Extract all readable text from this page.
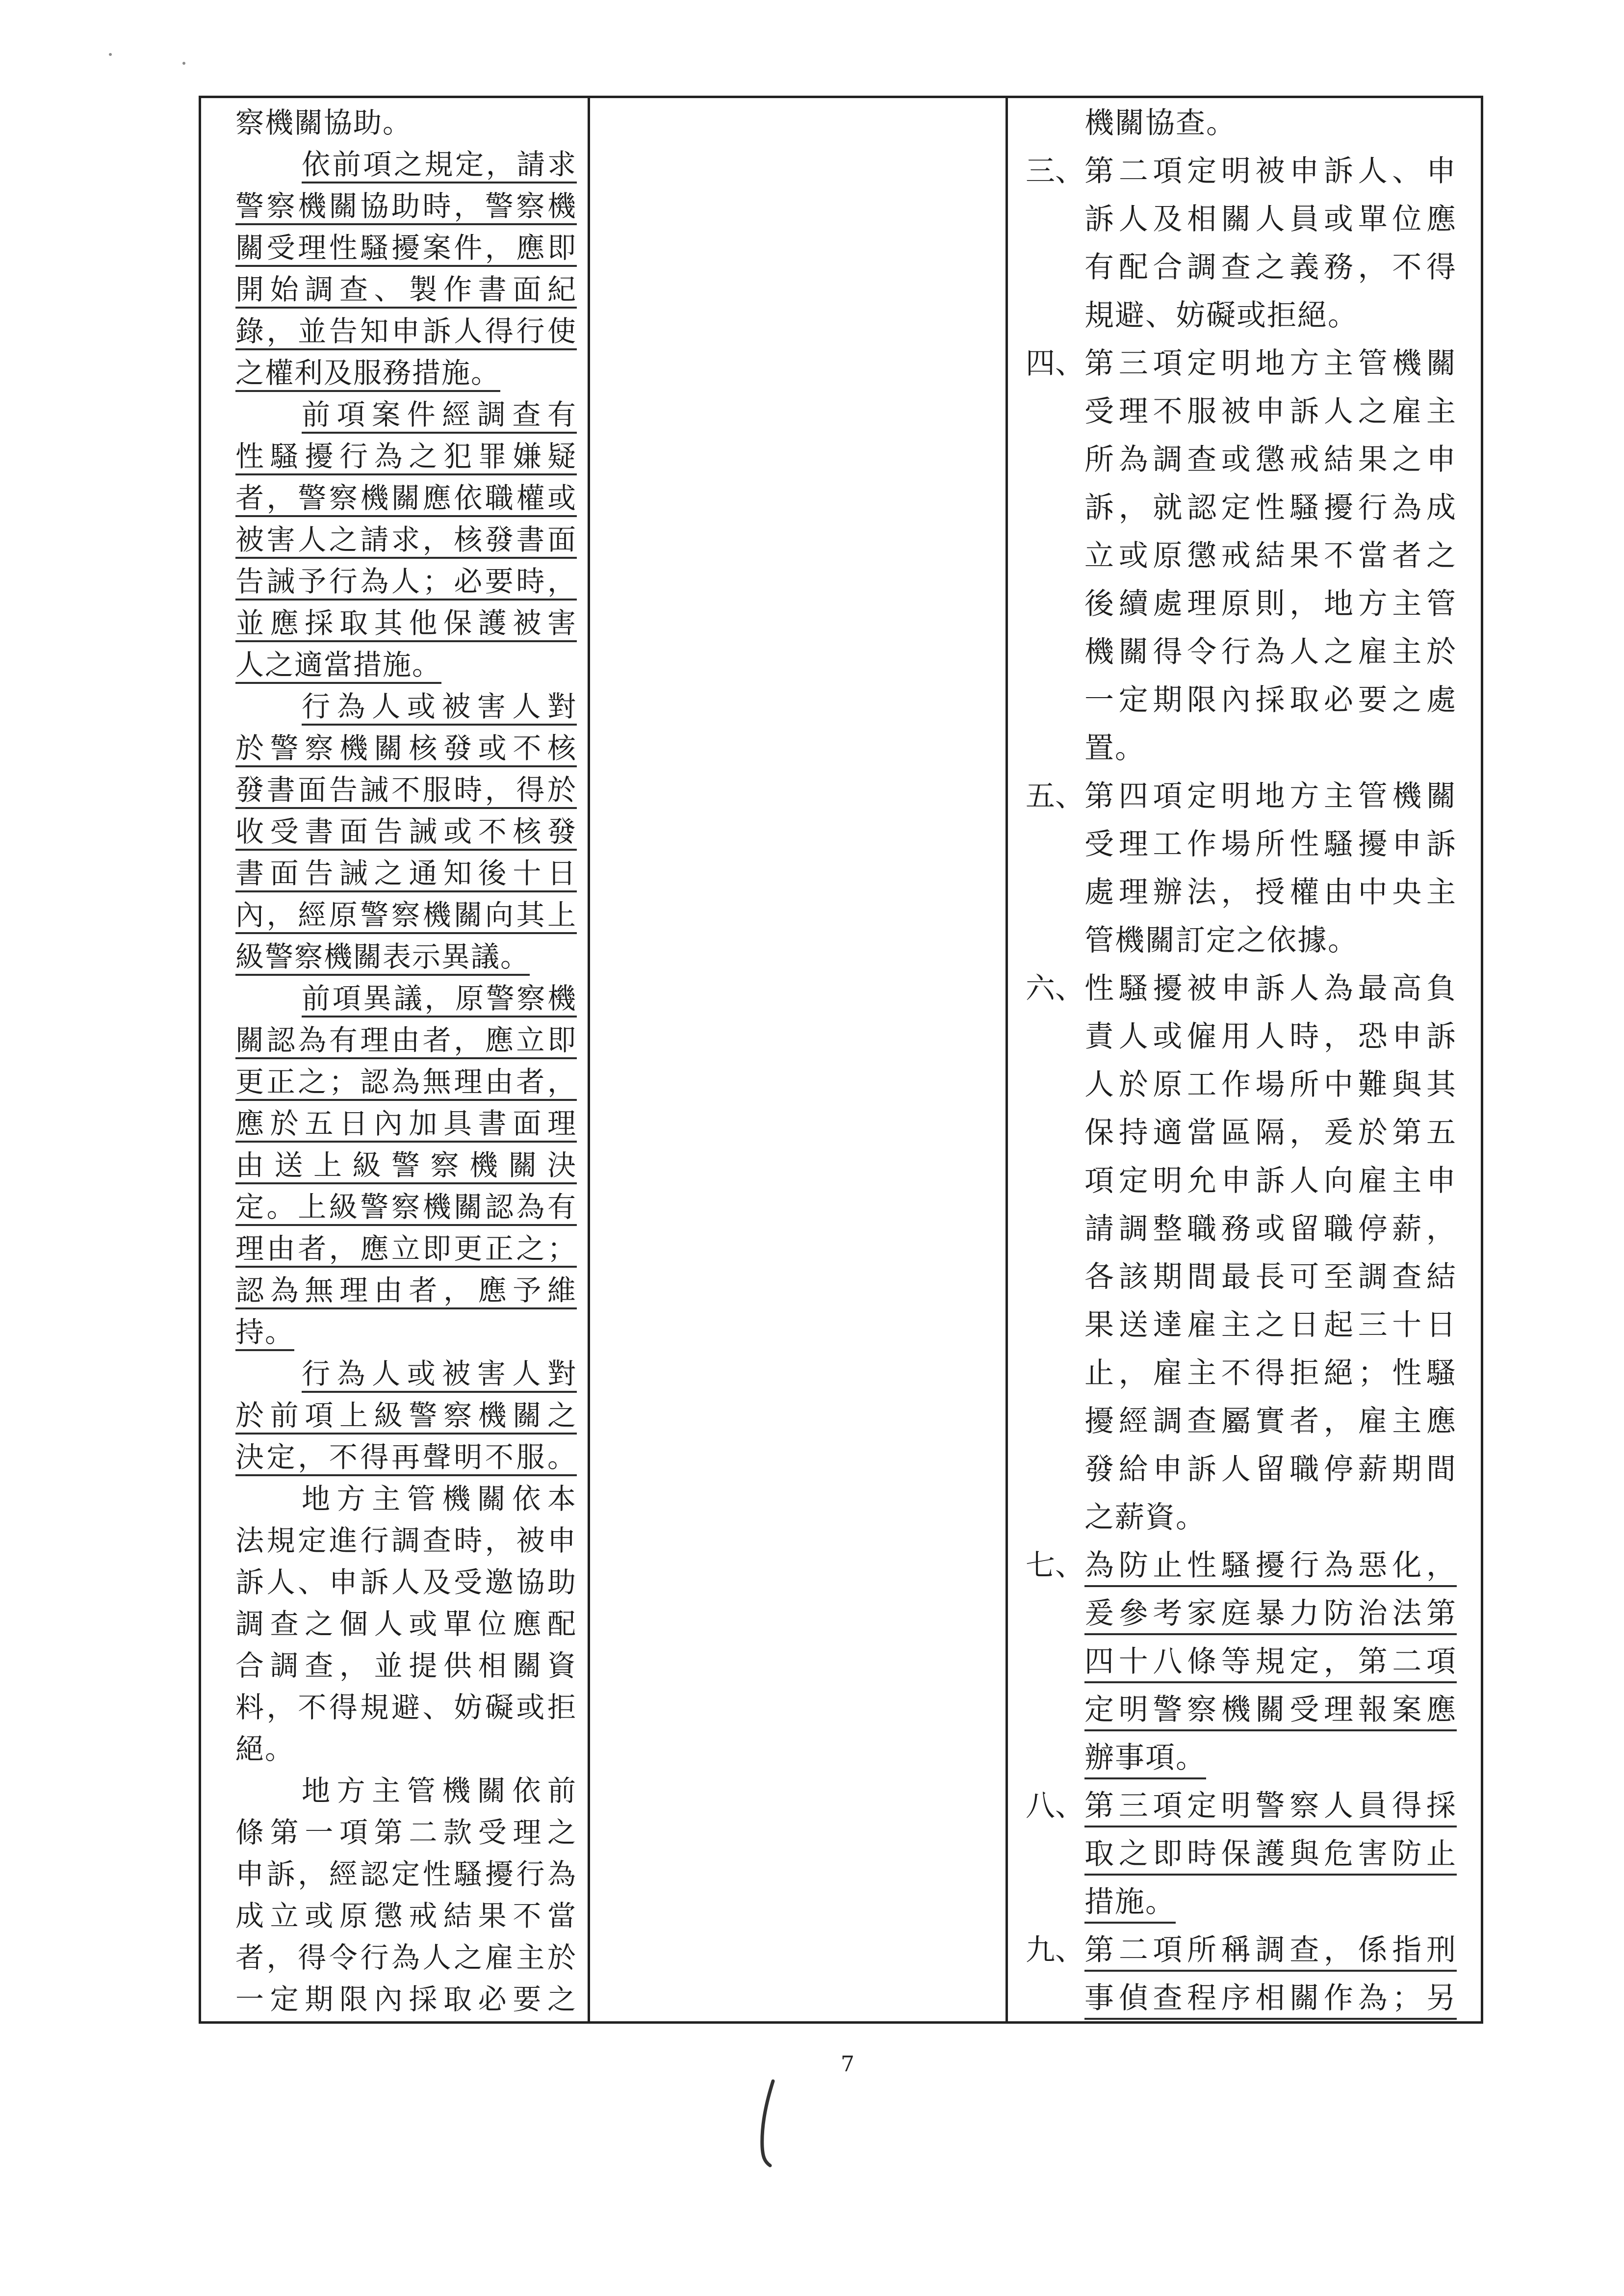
察機關協助。
依前項之規定，請求
警察機關協助時，警察機
關受理性騷擾案件，應即
開始調查、製作書面紀
錄，並告知申訴人得行使
之權利及服務措施。
前項案件經調查有
性騷擾行為之犯罪嫌疑
者，警察機關應依職權或
被害人之請求，核發書面
告誡予行為人；必要時，
並應採取其他保護被害
人之適當措施。
行為人或被害人對
於警察機關核發或不核
發書面告誡不服時，得於
收受書面告誡或不核發
書面告誡之通知後十日
內，經原警察機關向其上
級警察機關表示異議。
前項異議，原警察機
關認為有理由者，應立即
更正之；認為無理由者，
應於五日內加具書面理
由送上級警察機關決
定。上級警察機關認為有
理由者，應立即更正之；
認為無理由者，應予維
持。
行為人或被害人對
於前項上級警察機關之
決定，不得再聲明不服。
地方主管機關依本
法規定進行調查時，被申
訴人、申訴人及受邀協助
調查之個人或單位應配
合調查，並提供相關資
料，不得規避、妨礙或拒
絕。
地方主管機關依前
條第一項第二款受理之
申訴，經認定性騷擾行為
成立或原懲戒結果不當
者，得令行為人之雇主於
一定期限內採取必要之
機關協查。
三、 第二項定明被申訴人、申
訴人及相關人員或單位應
有配合調查之義務，不得
規避、妨礙或拒絕。
四、 第三項定明地方主管機關
受理不服被申訴人之雇主
所為調查或懲戒結果之申
訴，就認定性騷擾行為成
立或原懲戒結果不當者之
後續處理原則，地方主管
機關得令行為人之雇主於
一定期限內採取必要之處
置。
五、 第四項定明地方主管機關
受理工作場所性騷擾申訴
處理辦法，授權由中央主
管機關訂定之依據。
六、 性騷擾被申訴人為最高負
責人或僱用人時，恐申訴
人於原工作場所中難與其
保持適當區隔，爰於第五
項定明允申訴人向雇主申
請調整職務或留職停薪，
各該期間最長可至調查結
果送達雇主之日起三十日
止，雇主不得拒絕；性騷
擾經調查屬實者，雇主應
發給申訴人留職停薪期間
之薪資。
七、 為防止性騷擾行為惡化，
爰參考家庭暴力防治法第
四十八條等規定，第二項
定明警察機關受理報案應
辦事項。
八、 第三項定明警察人員得採
取之即時保護與危害防止
措施。
九、 第二項所稱調查，係指刑
事偵查程序相關作為；另
7
